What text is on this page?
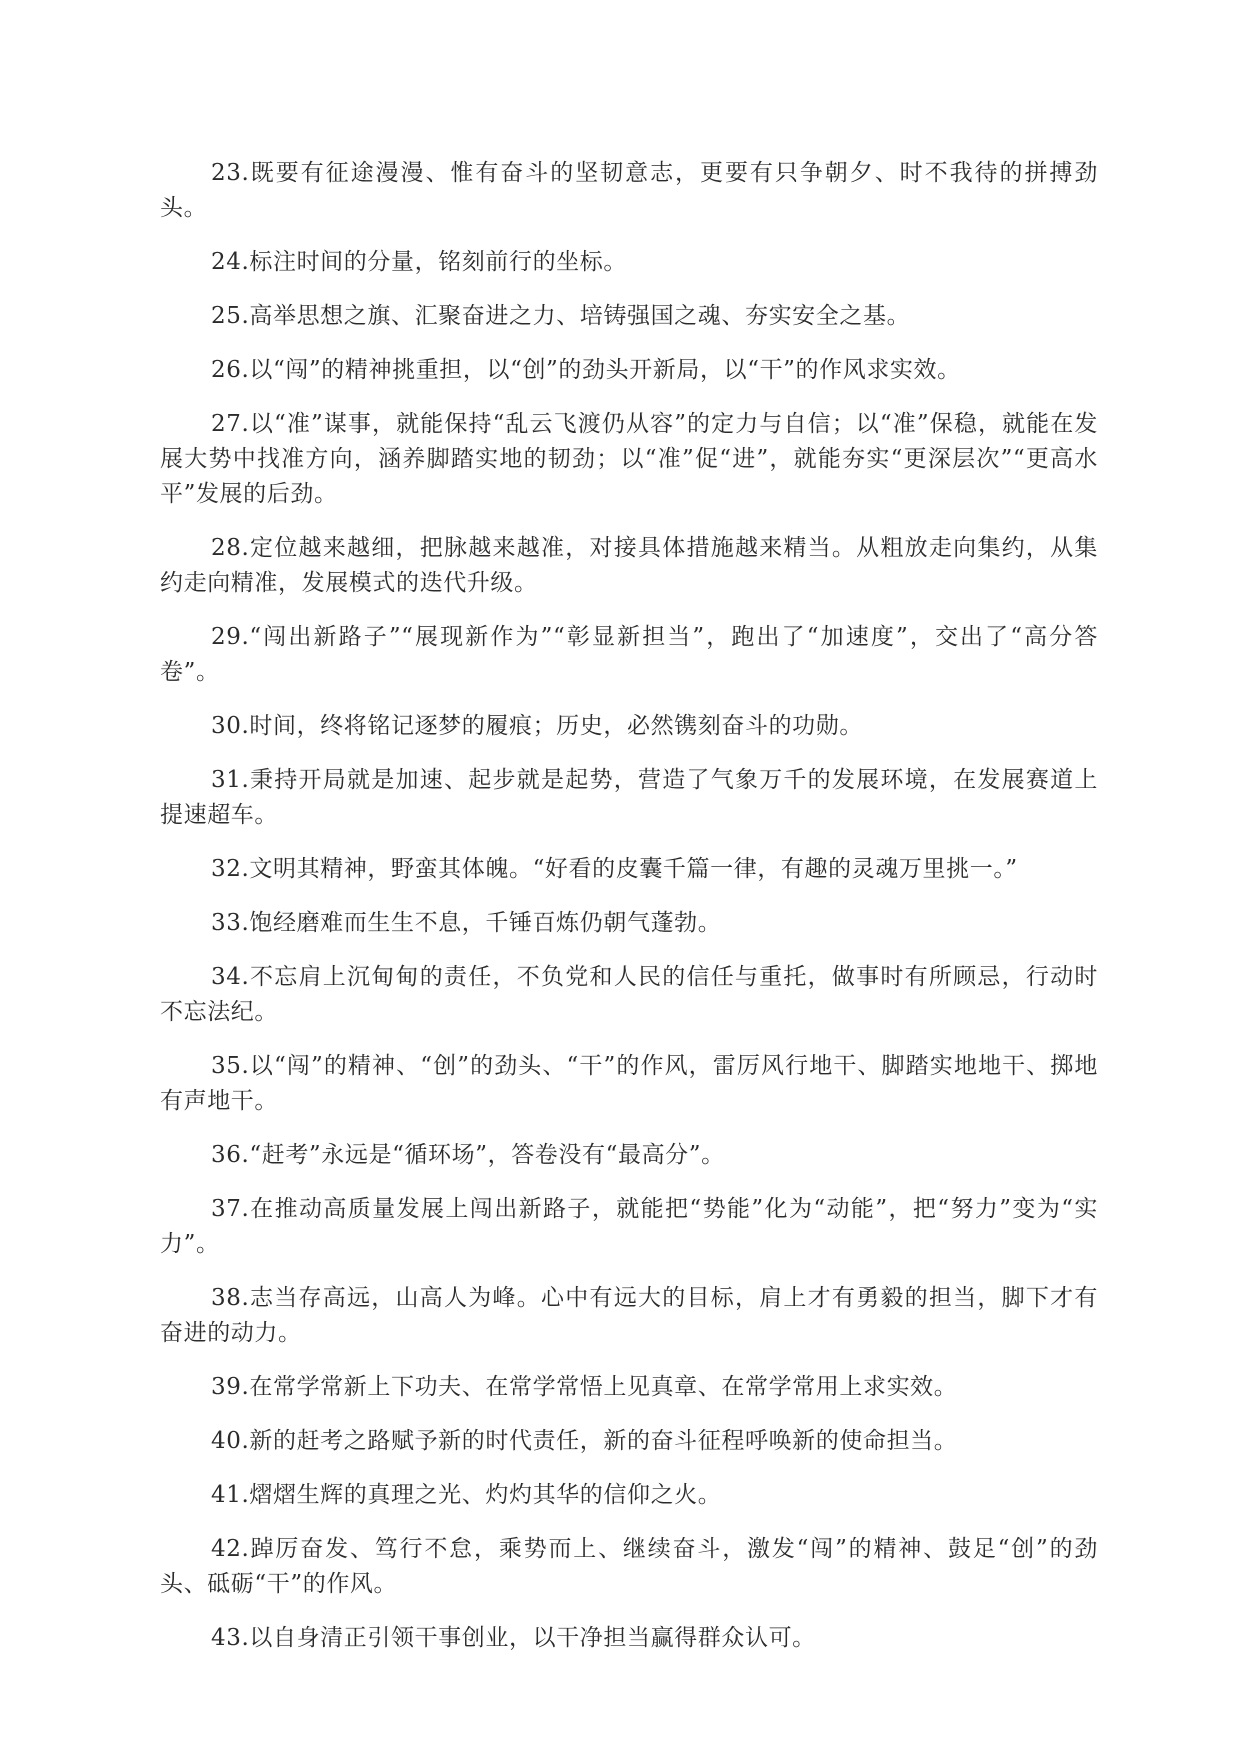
23.既要有征途漫漫、惟有奋斗的坚韧意志，更要有只争朝夕、时不我待的拼搏劲头。

24.标注时间的分量，铭刻前行的坐标。

25.高举思想之旗、汇聚奋进之力、培铸强国之魂、夯实安全之基。

26.以“闯”的精神挑重担，以“创”的劲头开新局，以“干”的作风求实效。

27.以“准”谋事，就能保持“乱云飞渡仍从容”的定力与自信；以“准”保稳，就能在发展大势中找准方向，涵养脚踏实地的韧劲；以“准”促“进”，就能夯实“更深层次”“更高水平”发展的后劲。

28.定位越来越细，把脉越来越准，对接具体措施越来精当。从粗放走向集约，从集约走向精准，发展模式的迭代升级。

29.“闯出新路子”“展现新作为”“彰显新担当”，跑出了“加速度”，交出了“高分答卷”。

30.时间，终将铭记逐梦的履痕；历史，必然镌刻奋斗的功勋。

31.秉持开局就是加速、起步就是起势，营造了气象万千的发展环境，在发展赛道上提速超车。

32.文明其精神，野蛮其体魄。“好看的皮囊千篇一律，有趣的灵魂万里挑一。”

33.饱经磨难而生生不息，千锤百炼仍朝气蓬勃。

34.不忘肩上沉甸甸的责任，不负党和人民的信任与重托，做事时有所顾忌，行动时不忘法纪。

35.以“闯”的精神、“创”的劲头、“干”的作风，雷厉风行地干、脚踏实地地干、掷地有声地干。

36.“赶考”永远是“循环场”，答卷没有“最高分”。

37.在推动高质量发展上闯出新路子，就能把“势能”化为“动能”，把“努力”变为“实力”。

38.志当存高远，山高人为峰。心中有远大的目标，肩上才有勇毅的担当，脚下才有奋进的动力。

39.在常学常新上下功夫、在常学常悟上见真章、在常学常用上求实效。

40.新的赶考之路赋予新的时代责任，新的奋斗征程呼唤新的使命担当。

41.熠熠生辉的真理之光、灼灼其华的信仰之火。

42.踔厉奋发、笃行不怠，乘势而上、继续奋斗，激发“闯”的精神、鼓足“创”的劲头、砥砺“干”的作风。

43.以自身清正引领干事创业，以干净担当赢得群众认可。
